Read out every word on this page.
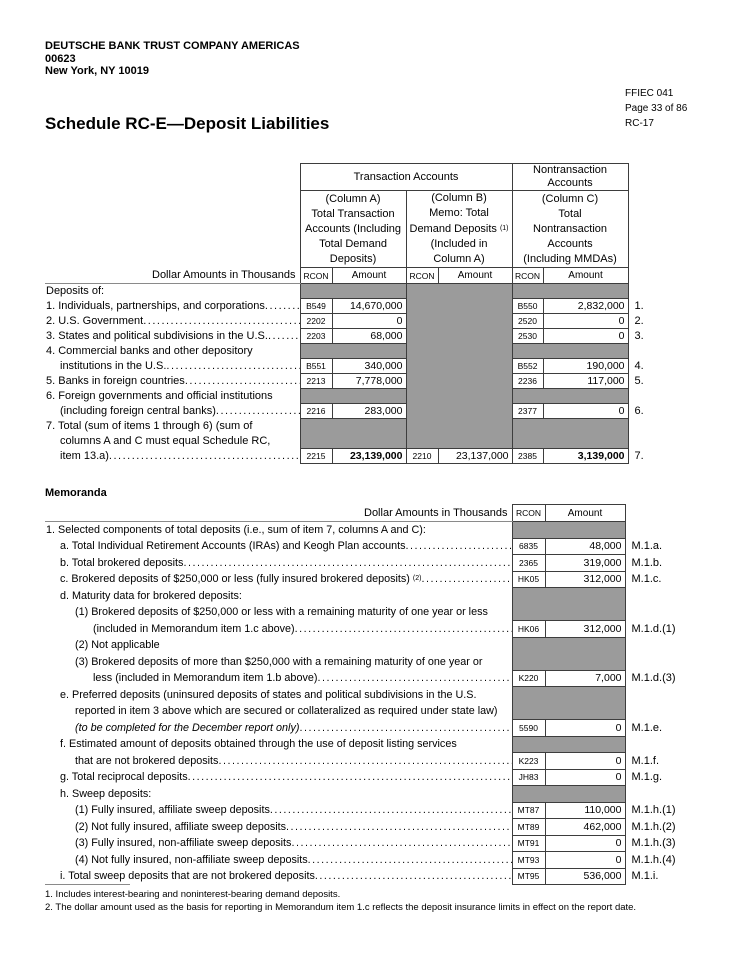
DEUTSCHE BANK TRUST COMPANY AMERICAS
00623
New York, NY 10019
FFIEC 041
Page 33 of 86
RC-17
Schedule RC-E—Deposit Liabilities
	Transaction Accounts				Nontransaction Accounts		

(Column A)
Total Transaction
Accounts (Including
Total Demand
Deposits)

(Column B)
Memo: Total
Demand Deposits $^{(1)}$
(Included in
Column A)

(Column C)
Total
Nontransaction
Accounts
(Including MMDAs)

Dollar Amounts in Thousands	RCON	Amount	RCON	Amount	RCON	Amount	

Deposits of:							

1. Individuals, partnerships, and corporations
.....	B549	14,670,000			B550	2,832,000	1.

2. U.S. Government
.....	2202	0			2520	0	2.

3. States and political subdivisions in the U.S.
.....	2203	68,000			2530	0	3.

4. Commercial banks and other depository							

institutions in the U.S.
.....	B551	340,000			B552	190,000	4.

5. Banks in foreign countries
.....	2213	7,778,000			2236	117,000	5.

6. Foreign governments and official institutions							

(including foreign central banks)
.....	2216	283,000			2377	0	6.

7. Total (sum of items 1 through 6) (sum of							

columns A and C must equal Schedule RC,							

item 13.a)
.....	2215	23,139,000	2210	23,137,000	2385	3,139,000	7.
Memoranda
Dollar Amounts in Thousands	RCON	Amount	

1. Selected components of total deposits (i.e., sum of item 7, columns A and C):			

a. Total Individual Retirement Accounts (IRAs) and Keogh Plan accounts
.....	6835	48,000	M.1.a.

b. Total brokered deposits
.....	2365	319,000	M.1.b.

c. Brokered deposits of $250,000 or less (fully insured brokered deposits) $^{(2)}$
.....	HK05	312,000	M.1.c.

d. Maturity data for brokered deposits:			

(1) Brokered deposits of $250,000 or less with a remaining maturity of one year or less			

(included in Memorandum item 1.c above)
.....	HK06	312,000	M.1.d.(1)

(2) Not applicable			

(3) Brokered deposits of more than $250,000 with a remaining maturity of one year or			

less (included in Memorandum item 1.b above)
.....	K220	7,000	M.1.d.(3)

e. Preferred deposits (uninsured deposits of states and political subdivisions in the U.S.			

reported in item 3 above which are secured or collateralized as required under state law)			

(to be completed for the December report only)
.....	5590	0	M.1.e.

f. Estimated amount of deposits obtained through the use of deposit listing services			

that are not brokered deposits
.....	K223	0	M.1.f.

g. Total reciprocal deposits
.....	JH83	0	M.1.g.

h. Sweep deposits:			

(1) Fully insured, affiliate sweep deposits
.....	MT87	110,000	M.1.h.(1)

(2) Not fully insured, affiliate sweep deposits
.....	MT89	462,000	M.1.h.(2)

(3) Fully insured, non-affiliate sweep deposits
.....	MT91	0	M.1.h.(3)

(4) Not fully insured, non-affiliate sweep deposits
.....	MT93	0	M.1.h.(4)

i. Total sweep deposits that are not brokered deposits
.....	MT95	536,000	M.1.i.
1. Includes interest-bearing and noninterest-bearing demand deposits.
2. The dollar amount used as the basis for reporting in Memorandum item 1.c reflects the deposit insurance limits in effect on the report date.
